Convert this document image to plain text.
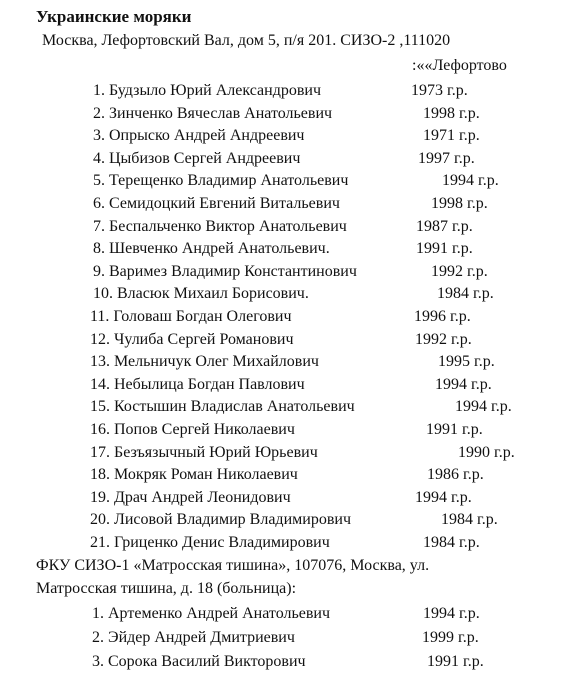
Украинские моряки
Москва, Лефортовский Вал, дом 5, п/я 201. СИЗО-2 ,111020
:««Лефортово
1. Будзыло Юрий Александрович	1973 г.р.
2. Зинченко Вячеслав Анатольевич	1998 г.р.
3. Опрыско Андрей Андреевич	1971 г.р.
4. Цыбизов Сергей Андреевич	1997 г.р.
5. Терещенко Владимир Анатольевич	1994 г.р.
6. Семидоцкий Евгений Витальевич	1998 г.р.
7. Беспальченко Виктор Анатольевич	1987 г.р.
8. Шевченко Андрей Анатольевич.	1991 г.р.
9. Варимез Владимир Константинович	1992 г.р.
10. Власюк Михаил Борисович.	1984 г.р.
11. Головаш Богдан Олегович	1996 г.р.
12. Чулиба Сергей Романович	1992 г.р.
13. Мельничук Олег Михайлович	1995 г.р.
14. Небылица Богдан Павлович	1994 г.р.
15. Костышин Владислав Анатольевич	1994 г.р.
16. Попов Сергей Николаевич	1991 г.р.
17. Безъязычный Юрий Юрьевич	1990 г.р.
18. Мокряк Роман Николаевич	1986 г.р.
19. Драч Андрей Леонидович	1994 г.р.
20. Лисовой Владимир Владимирович	1984 г.р.
21. Гриценко Денис Владимирович	1984 г.р.
ФКУ СИЗО-1 «Матросская тишина», 107076, Москва, ул.
Матросская тишина, д. 18 (больница):
1. Артеменко Андрей Анатольевич	1994 г.р.
2. Эйдер Андрей Дмитриевич	1999 г.р.
3. Сорока Василий Викторович	1991 г.р.
